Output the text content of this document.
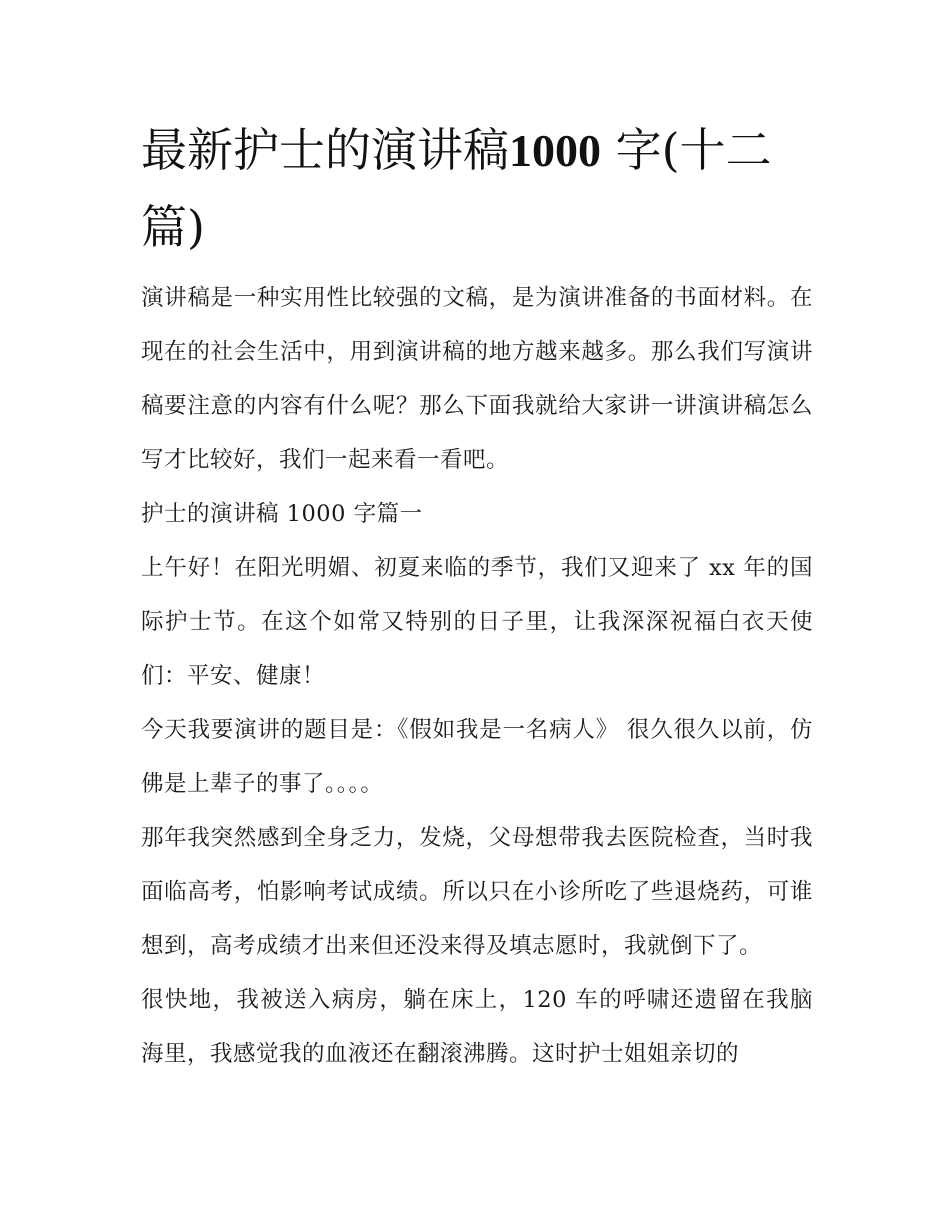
最新护士的演讲稿1000 字(十二篇)

演讲稿是一种实用性比较强的文稿，是为演讲准备的书面材料。在现在的社会生活中，用到演讲稿的地方越来越多。那么我们写演讲稿要注意的内容有什么呢？那么下面我就给大家讲一讲演讲稿怎么写才比较好，我们一起来看一看吧。

护士的演讲稿 1000 字篇一

上午好！在阳光明媚、初夏来临的季节，我们又迎来了 xx 年的国际护士节。在这个如常又特别的日子里，让我深深祝福白衣天使们：平安、健康！

今天我要演讲的题目是：《假如我是一名病人》 很久很久以前，仿佛是上辈子的事了。。。。

那年我突然感到全身乏力，发烧，父母想带我去医院检查，当时我面临高考，怕影响考试成绩。所以只在小诊所吃了些退烧药，可谁想到，高考成绩才出来但还没来得及填志愿时，我就倒下了。

很快地，我被送入病房，躺在床上，120 车的呼啸还遗留在我脑海里，我感觉我的血液还在翻滚沸腾。这时护士姐姐亲切的
